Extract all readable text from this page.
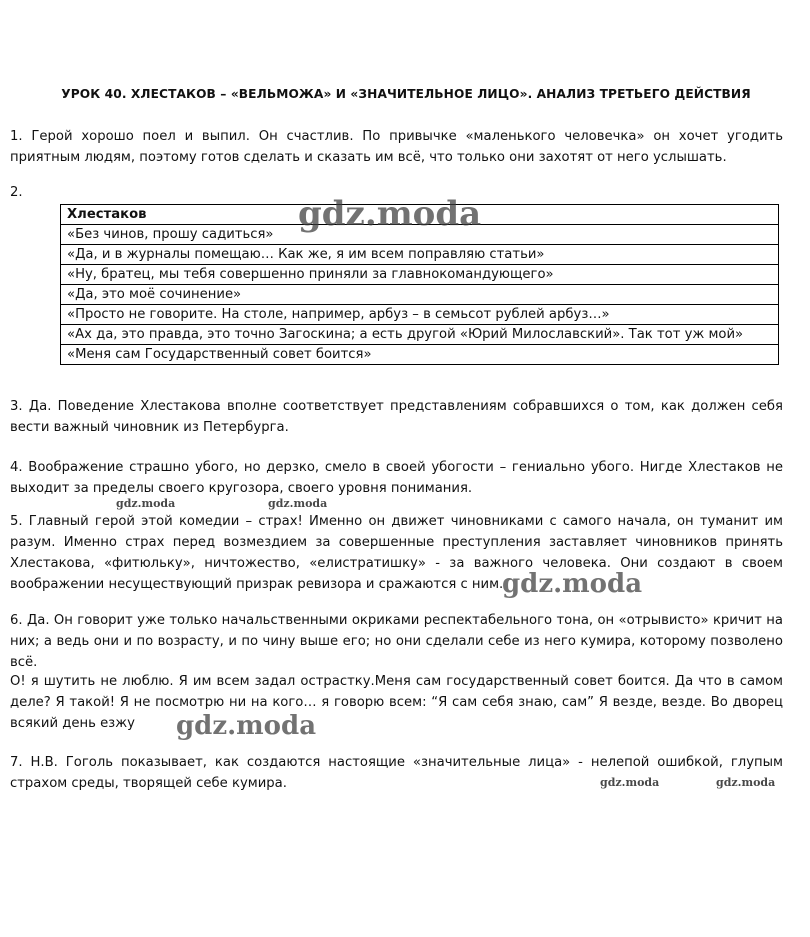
УРОК 40. ХЛЕСТАКОВ – «ВЕЛЬМОЖА» И «ЗНАЧИТЕЛЬНОЕ ЛИЦО». АНАЛИЗ ТРЕТЬЕГО ДЕЙСТВИЯ
1. Герой хорошо поел и выпил. Он счастлив. По привычке «маленького человечка» он хочет угодить приятным людям, поэтому готов сделать и сказать им всё, что только они захотят от него услышать.
2.
Хлестаков
«Без чинов, прошу садиться»
«Да, и в журналы помещаю… Как же, я им всем поправляю статьи»
«Ну, братец, мы тебя совершенно приняли за главнокомандующего»
«Да, это моё сочинение»
«Просто не говорите. На столе, например, арбуз – в семьсот рублей арбуз…»
«Ах да, это правда, это точно Загоскина; а есть другой «Юрий Милославский». Так тот уж мой»
«Меня сам Государственный совет боится»
3. Да. Поведение Хлестакова вполне соответствует представлениям собравшихся о том, как должен себя вести важный чиновник из Петербурга.
4. Воображение страшно убого, но дерзко, смело в своей убогости – гениально убого. Нигде Хлестаков не выходит за пределы своего кругозора, своего уровня понимания.
5. Главный герой этой комедии – страх! Именно он движет чиновниками с самого начала, он туманит им разум. Именно страх перед возмездием за совершенные преступления заставляет чиновников принять Хлестакова, «фитюльку», ничтожество, «елистратишку» - за важного человека. Они создают в своем воображении несуществующий призрак ревизора и сражаются с ним.
6. Да. Он говорит уже только начальственными окриками респектабельного тона, он «отрывисто» кричит на них; а ведь они и по возрасту, и по чину выше его; но они сделали себе из него кумира, которому позволено всё.
О! я шутить не люблю. Я им всем задал острастку.Меня сам государственный совет боится. Да что в самом деле? Я такой! Я не посмотрю ни на кого… я говорю всем: “Я сам себя знаю, сам” Я везде, везде. Во дворец всякий день езжу
7. Н.В. Гоголь показывает, как создаются настоящие «значительные лица» - нелепой ошибкой, глупым страхом среды, творящей себе кумира.
gdz.moda
gdz.moda	gdz.moda
gdz.moda
gdz.moda
gdz.moda	gdz.moda
